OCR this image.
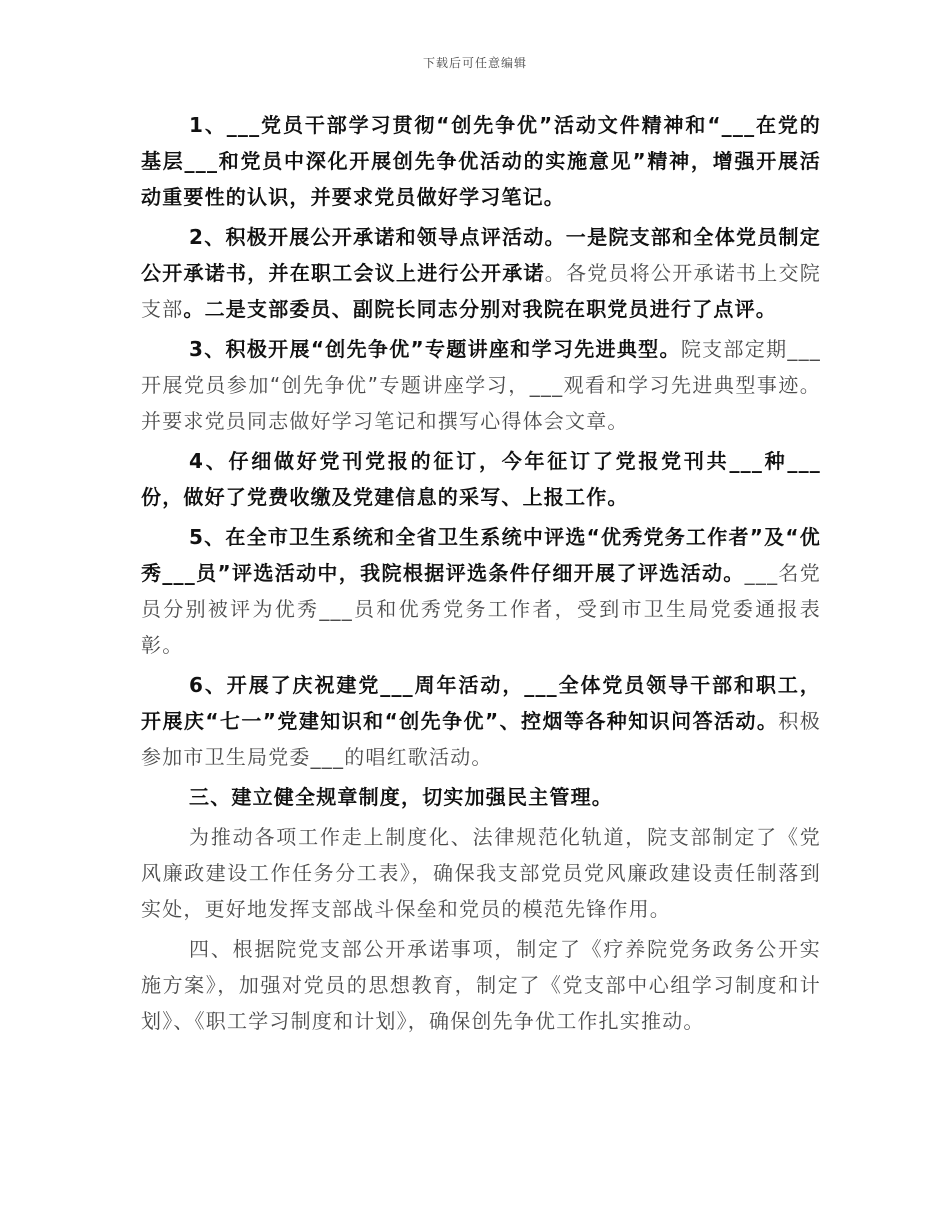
下载后可任意编辑

1、___党员干部学习贯彻“创先争优”活动文件精神和“___在党的基层___和党员中深化开展创先争优活动的实施意见”精神，增强开展活动重要性的认识，并要求党员做好学习笔记。

2、积极开展公开承诺和领导点评活动。一是院支部和全体党员制定公开承诺书，并在职工会议上进行公开承诺。各党员将公开承诺书上交院支部。二是支部委员、副院长同志分别对我院在职党员进行了点评。

3、积极开展“创先争优”专题讲座和学习先进典型。院支部定期___开展党员参加“创先争优”专题讲座学习，___观看和学习先进典型事迹。并要求党员同志做好学习笔记和撰写心得体会文章。

4、仔细做好党刊党报的征订，今年征订了党报党刊共___种___份，做好了党费收缴及党建信息的采写、上报工作。

5、在全市卫生系统和全省卫生系统中评选“优秀党务工作者”及“优秀___员”评选活动中，我院根据评选条件仔细开展了评选活动。___名党员分别被评为优秀___员和优秀党务工作者，受到市卫生局党委通报表彰。

6、开展了庆祝建党___周年活动，___全体党员领导干部和职工，开展庆“七一”党建知识和“创先争优”、控烟等各种知识问答活动。积极参加市卫生局党委___的唱红歌活动。

三、建立健全规章制度，切实加强民主管理。

为推动各项工作走上制度化、法律规范化轨道，院支部制定了《党风廉政建设工作任务分工表》，确保我支部党员党风廉政建设责任制落到实处，更好地发挥支部战斗保垒和党员的模范先锋作用。

四、根据院党支部公开承诺事项，制定了《疗养院党务政务公开实施方案》，加强对党员的思想教育，制定了《党支部中心组学习制度和计划》、《职工学习制度和计划》，确保创先争优工作扎实推动。
